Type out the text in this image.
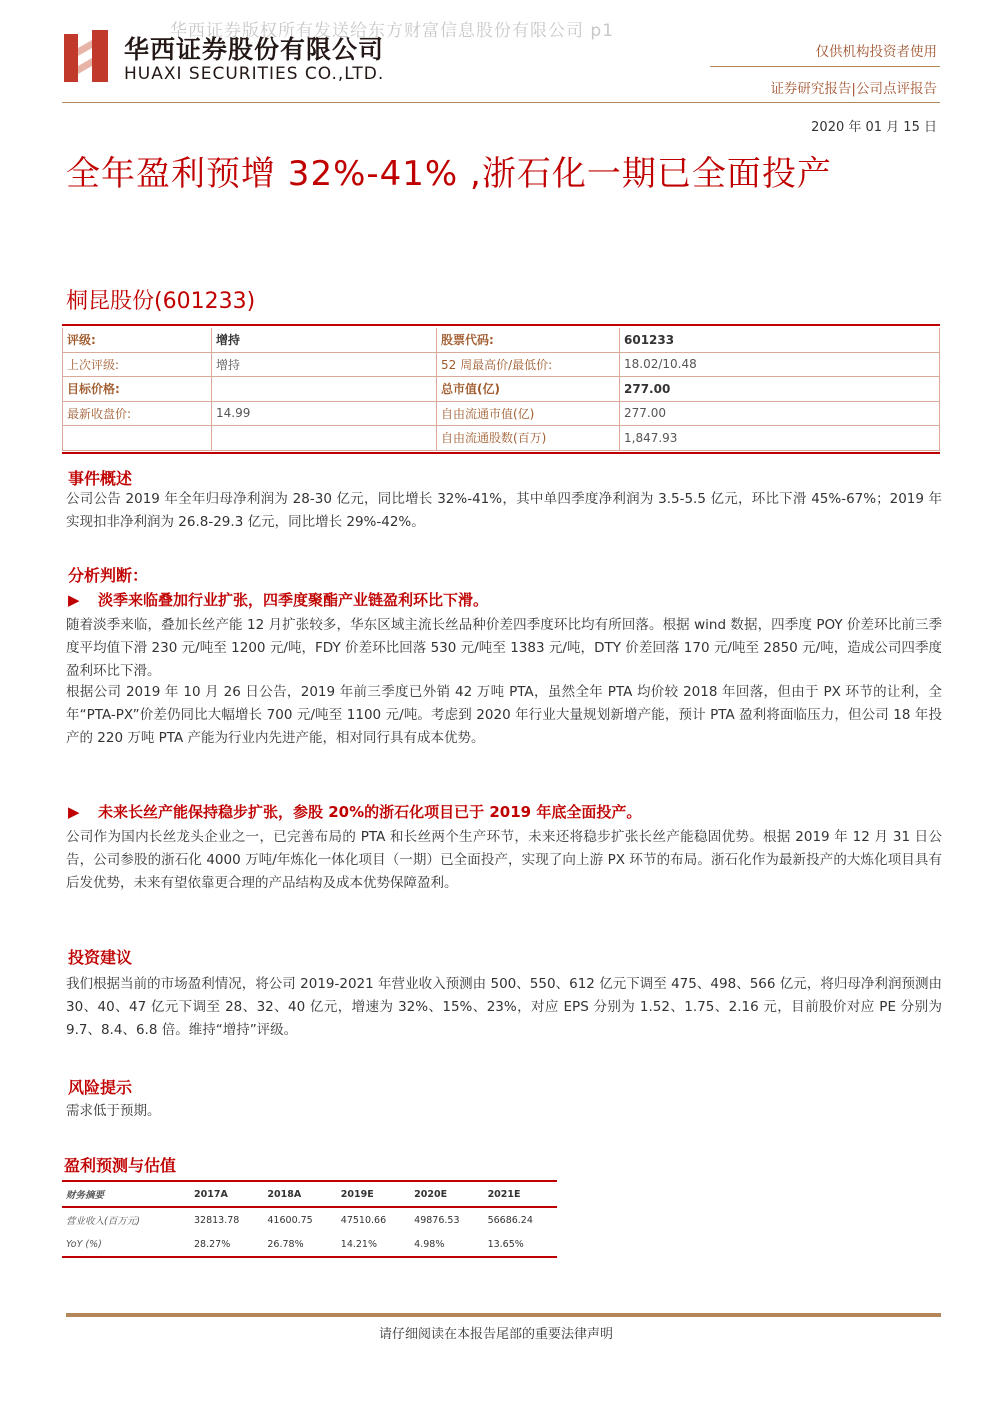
华西证券版权所有发送给东方财富信息股份有限公司 p1
华西证券股份有限公司
HUAXI SECURITIES CO.,LTD.
仅供机构投资者使用
证券研究报告|公司点评报告
2020 年 01 月 15 日
全年盈利预增 32%-41% ,浙石化一期已全面投产
桐昆股份(601233)
评级:	增持	股票代码:	601233
上次评级:	增持	52 周最高价/最低价:	18.02/10.48
目标价格:		总市值(亿)	277.00
最新收盘价:	14.99	自由流通市值(亿)	277.00
		自由流通股数(百万)	1,847.93
事件概述
公司公告 2019 年全年归母净利润为 28-30 亿元，同比增长 32%-41%，其中单四季度净利润为 3.5-5.5 亿元，环比下滑 45%-67%；2019 年实现扣非净利润为 26.8-29.3 亿元，同比增长 29%-42%。
分析判断：
▶ 淡季来临叠加行业扩张，四季度聚酯产业链盈利环比下滑。
随着淡季来临，叠加长丝产能 12 月扩张较多，华东区域主流长丝品种价差四季度环比均有所回落。根据 wind 数据，四季度 POY 价差环比前三季度平均值下滑 230 元/吨至 1200 元/吨，FDY 价差环比回落 530 元/吨至 1383 元/吨，DTY 价差回落 170 元/吨至 2850 元/吨，造成公司四季度盈利环比下滑。
根据公司 2019 年 10 月 26 日公告，2019 年前三季度已外销 42 万吨 PTA，虽然全年 PTA 均价较 2018 年回落，但由于 PX 环节的让利，全年“PTA-PX”价差仍同比大幅增长 700 元/吨至 1100 元/吨。考虑到 2020 年行业大量规划新增产能，预计 PTA 盈利将面临压力，但公司 18 年投产的 220 万吨 PTA 产能为行业内先进产能，相对同行具有成本优势。
▶ 未来长丝产能保持稳步扩张，参股 20%的浙石化项目已于 2019 年底全面投产。
公司作为国内长丝龙头企业之一，已完善布局的 PTA 和长丝两个生产环节，未来还将稳步扩张长丝产能稳固优势。根据 2019 年 12 月 31 日公告，公司参股的浙石化 4000 万吨/年炼化一体化项目（一期）已全面投产，实现了向上游 PX 环节的布局。浙石化作为最新投产的大炼化项目具有后发优势，未来有望依靠更合理的产品结构及成本优势保障盈利。
投资建议
我们根据当前的市场盈利情况，将公司 2019-2021 年营业收入预测由 500、550、612 亿元下调至 475、498、566 亿元，将归母净利润预测由 30、40、47 亿元下调至 28、32、40 亿元，增速为 32%、15%、23%，对应 EPS 分别为 1.52、1.75、2.16 元，目前股价对应 PE 分别为 9.7、8.4、6.8 倍。维持“增持”评级。
风险提示
需求低于预期。
盈利预测与估值
财务摘要	2017A	2018A	2019E	2020E	2021E
营业收入(百万元)	32813.78	41600.75	47510.66	49876.53	56686.24
YoY (%)	28.27%	26.78%	14.21%	4.98%	13.65%
请仔细阅读在本报告尾部的重要法律声明
